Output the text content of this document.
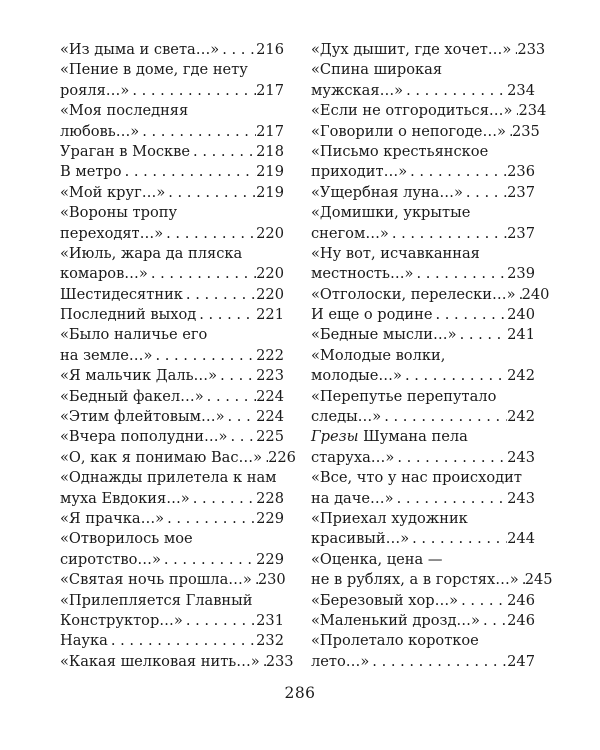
«Из дыма и света…» . . .	216
«Пение в доме, где нету
рояля…» . . .	217
«Моя последняя
любовь…» . . .	217
Ураган в Москве . . .	218
В метро . . .	219
«Мой круг…» . . .	219
«Вороны тропу
переходят…» . . .	220
«Июль, жара да пляска
комаров…» . . .	220
Шестидесятник . . .	220
Последний выход . . .	221
«Было наличье его
на земле…» . . .	222
«Я мальчик Даль…» . . .	223
«Бедный факел…» . . .	224
«Этим флейтовым…» . . . 224
«Вчера пополудни…» . . . 225
«О, как я понимаю Вас…» . . . 226
«Однажды прилетела к нам
муха Евдокия…» . . .	228
«Я прачка…» . . .	229
«Отворилось мое
сиротство…» . . .	229
«Святая ночь прошла…» . . . 230
«Прилепляется Главный
Конструктор…» . . .	231
Наука . . .	232
«Какая шелковая нить…» . . . 233
«Дух дышит, где хочет…» . . . 233
«Спина широкая
мужская…» . . .	234
«Если не отгородиться…» . . . 234
«Говорили о непогоде…» . . . 235
«Письмо крестьянское
приходит…» . . .	236
«Ущербная луна…» . . .	237
«Домишки, укрытые
снегом…» . . .	237
«Ну вот, исчавканная
местность…» . . .	239
«Отголоски, перелески…» . . . 240
И еще о родине . . .	240
«Бедные мысли…» . . .	241
«Молодые волки,
молодые…» . . .	242
«Перепутье перепутало
следы…» . . .	242
Грезы Шумана пела
старуха…» . . .	243
«Все, что у нас происходит
на даче…» . . .	243
«Приехал художник
красивый…» . . .	244
«Оценка, цена —
не в рублях, а в горстях…» . . . 245
«Березовый хор…» . . .	246
«Маленький дрозд…» . . . 246
«Пролетало короткое
лето…» . . .	247
286
